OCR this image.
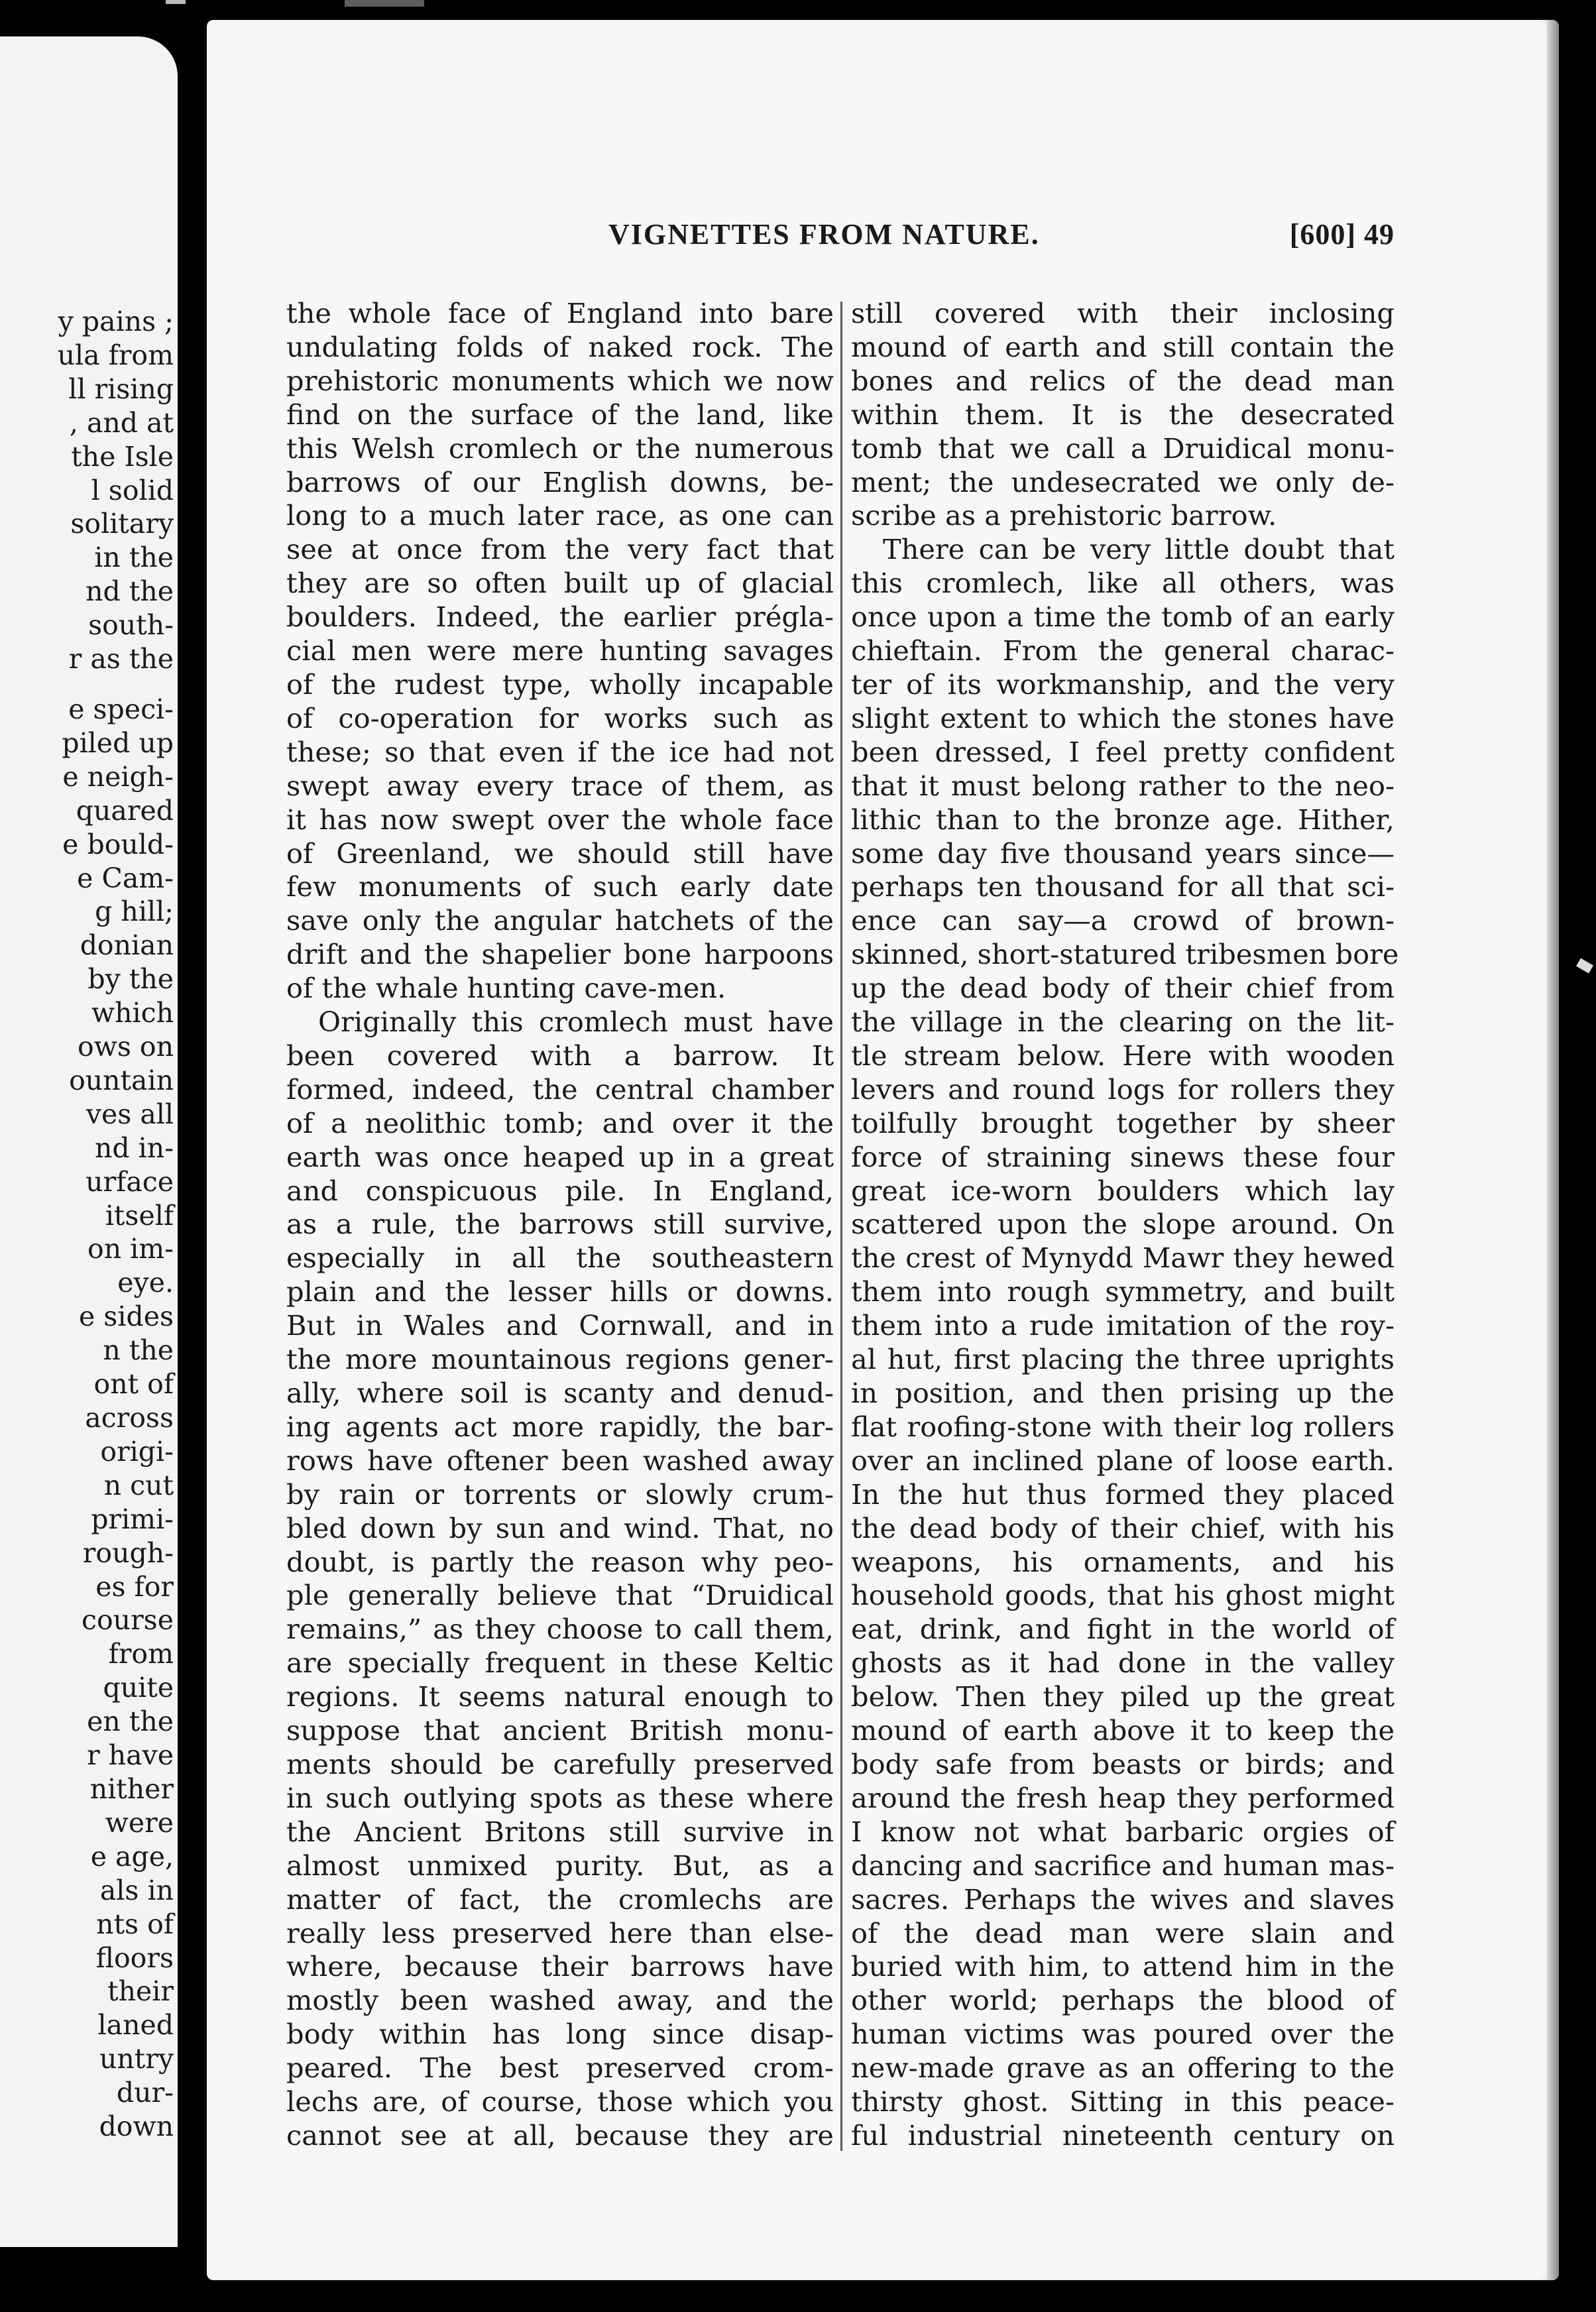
y pains ;
ula from
ll rising
, and at
the Isle
l solid
solitary
in the
nd the
south-
r as the
e speci-
piled up
e neigh-
quared
e bould-
e Cam-
g hill;
donian
by the
which
ows on
ountain
ves all
nd in-
urface
itself
on im-
eye.
e sides
n the
ont of
across
origi-
n cut
primi-
rough-
es for
course
from
quite
en the
r have
nither
were
e age,
als in
nts of
floors
their
laned
untry
dur-
down
VIGNETTES FROM NATURE.	[600] 49
the whole face of England into bare
undulating folds of naked rock. The
prehistoric monuments which we now
find on the surface of the land, like
this Welsh cromlech or the numerous
barrows of our English downs, be-
long to a much later race, as one can
see at once from the very fact that
they are so often built up of glacial
boulders. Indeed, the earlier prégla-
cial men were mere hunting savages
of the rudest type, wholly incapable
of co-operation for works such as
these; so that even if the ice had not
swept away every trace of them, as
it has now swept over the whole face
of Greenland, we should still have
few monuments of such early date
save only the angular hatchets of the
drift and the shapelier bone harpoons
of the whale hunting cave-men.
Originally this cromlech must have
been covered with a barrow. It
formed, indeed, the central chamber
of a neolithic tomb; and over it the
earth was once heaped up in a great
and conspicuous pile. In England,
as a rule, the barrows still survive,
especially in all the southeastern
plain and the lesser hills or downs.
But in Wales and Cornwall, and in
the more mountainous regions gener-
ally, where soil is scanty and denud-
ing agents act more rapidly, the bar-
rows have oftener been washed away
by rain or torrents or slowly crum-
bled down by sun and wind. That, no
doubt, is partly the reason why peo-
ple generally believe that “Druidical
remains,” as they choose to call them,
are specially frequent in these Keltic
regions. It seems natural enough to
suppose that ancient British monu-
ments should be carefully preserved
in such outlying spots as these where
the Ancient Britons still survive in
almost unmixed purity. But, as a
matter of fact, the cromlechs are
really less preserved here than else-
where, because their barrows have
mostly been washed away, and the
body within has long since disap-
peared. The best preserved crom-
lechs are, of course, those which you
cannot see at all, because they are
still covered with their inclosing
mound of earth and still contain the
bones and relics of the dead man
within them. It is the desecrated
tomb that we call a Druidical monu-
ment; the undesecrated we only de-
scribe as a prehistoric barrow.
There can be very little doubt that
this cromlech, like all others, was
once upon a time the tomb of an early
chieftain. From the general charac-
ter of its workmanship, and the very
slight extent to which the stones have
been dressed, I feel pretty confident
that it must belong rather to the neo-
lithic than to the bronze age. Hither,
some day five thousand years since—
perhaps ten thousand for all that sci-
ence can say—a crowd of brown-
skinned, short-statured tribesmen bore
up the dead body of their chief from
the village in the clearing on the lit-
tle stream below. Here with wooden
levers and round logs for rollers they
toilfully brought together by sheer
force of straining sinews these four
great ice-worn boulders which lay
scattered upon the slope around. On
the crest of Mynydd Mawr they hewed
them into rough symmetry, and built
them into a rude imitation of the roy-
al hut, first placing the three uprights
in position, and then prising up the
flat roofing-stone with their log rollers
over an inclined plane of loose earth.
In the hut thus formed they placed
the dead body of their chief, with his
weapons, his ornaments, and his
household goods, that his ghost might
eat, drink, and fight in the world of
ghosts as it had done in the valley
below. Then they piled up the great
mound of earth above it to keep the
body safe from beasts or birds; and
around the fresh heap they performed
I know not what barbaric orgies of
dancing and sacrifice and human mas-
sacres. Perhaps the wives and slaves
of the dead man were slain and
buried with him, to attend him in the
other world; perhaps the blood of
human victims was poured over the
new-made grave as an offering to the
thirsty ghost. Sitting in this peace-
ful industrial nineteenth century on
